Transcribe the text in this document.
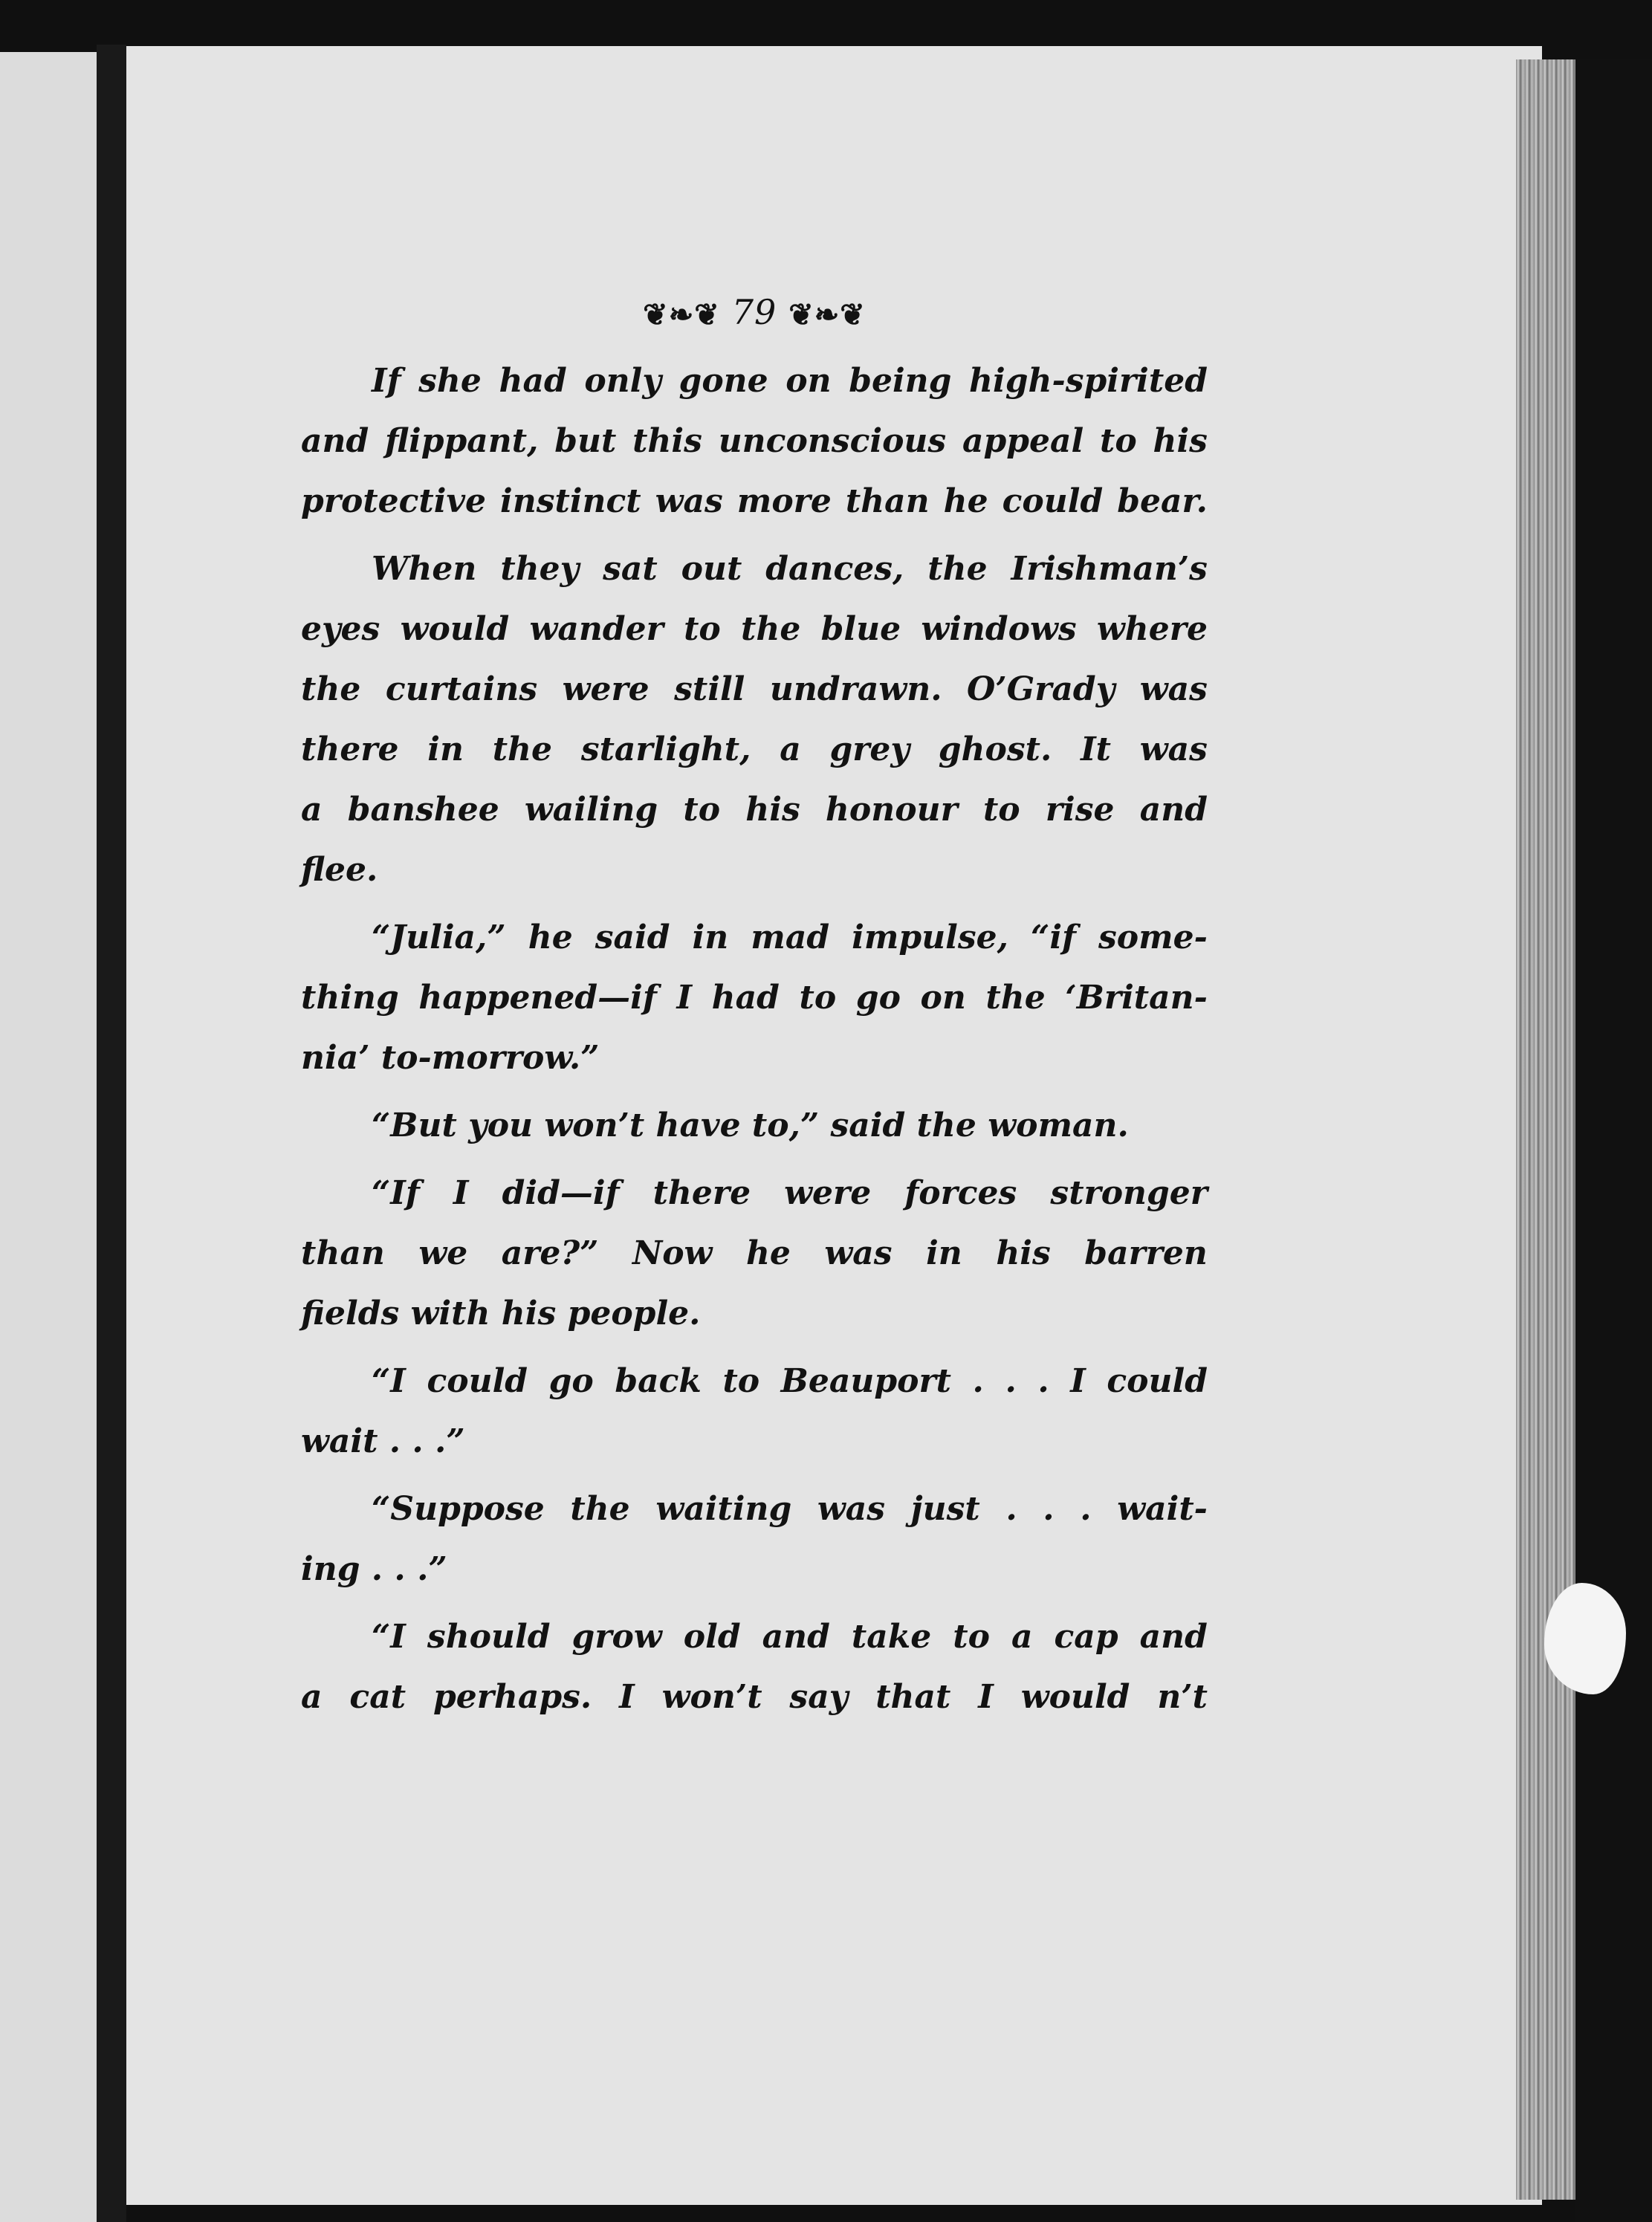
❦❧❦ 79 ❦❧❦
If she had only gone on being high-spirited
and flippant, but this unconscious appeal to his
protective instinct was more than he could bear.
When they sat out dances, the Irishman’s
eyes would wander to the blue windows where
the curtains were still undrawn. O’Grady was
there in the starlight, a grey ghost. It was
a banshee wailing to his honour to rise and
flee.
“Julia,” he said in mad impulse, “if some-
thing happened—if I had to go on the ‘Britan-
nia’ to-morrow.”
“But you won’t have to,” said the woman.
“If I did—if there were forces stronger
than we are?” Now he was in his barren
fields with his people.
“I could go back to Beauport . . . I could
wait . . .”
“Suppose the waiting was just . . . wait-
ing . . .”
“I should grow old and take to a cap and
a cat perhaps. I won’t say that I would n’t
